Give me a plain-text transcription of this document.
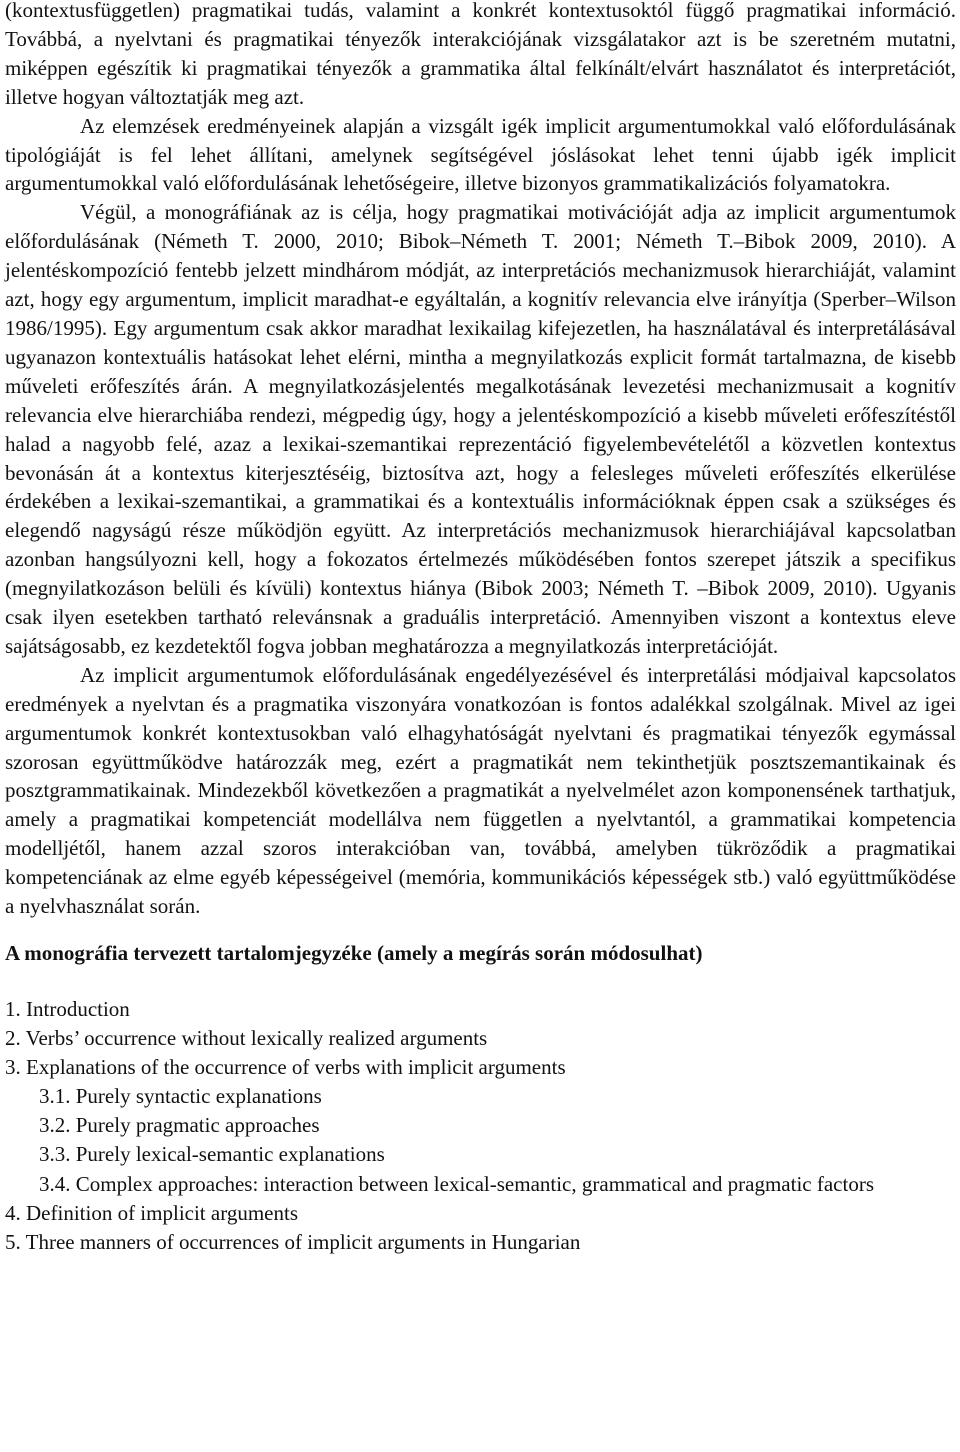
(kontextusfüggetlen) pragmatikai tudás, valamint a konkrét kontextusoktól függő pragmatikai információ. Továbbá, a nyelvtani és pragmatikai tényezők interakciójának vizsgálatakor azt is be szeretném mutatni, miképpen egészítik ki pragmatikai tényezők a grammatika által felkínált/elvárt használatot és interpretációt, illetve hogyan változtatják meg azt.

Az elemzések eredményeinek alapján a vizsgált igék implicit argumentumokkal való előfordulásának tipológiáját is fel lehet állítani, amelynek segítségével jóslásokat lehet tenni újabb igék implicit argumentumokkal való előfordulásának lehetőségeire, illetve bizonyos grammatikalizációs folyamatokra.

Végül, a monográfiának az is célja, hogy pragmatikai motivációját adja az implicit argumentumok előfordulásának (Németh T. 2000, 2010; Bibok–Németh T. 2001; Németh T.–Bibok 2009, 2010). A jelentéskompozíció fentebb jelzett mindhárom módját, az interpretációs mechanizmusok hierarchiáját, valamint azt, hogy egy argumentum, implicit maradhat-e egyáltalán, a kognitív relevancia elve irányítja (Sperber–Wilson 1986/1995). Egy argumentum csak akkor maradhat lexikailag kifejezetlen, ha használatával és interpretálásával ugyanazon kontextuális hatásokat lehet elérni, mintha a megnyilatkozás explicit formát tartalmazna, de kisebb műveleti erőfeszítés árán. A megnyilatkozásjelentés megalkotásának levezetési mechanizmusait a kognitív relevancia elve hierarchiába rendezi, mégpedig úgy, hogy a jelentéskompozíció a kisebb műveleti erőfeszítéstől halad a nagyobb felé, azaz a lexikai-szemantikai reprezentáció figyelembevételétől a közvetlen kontextus bevonásán át a kontextus kiterjesztéséig, biztosítva azt, hogy a felesleges műveleti erőfeszítés elkerülése érdekében a lexikai-szemantikai, a grammatikai és a kontextuális információknak éppen csak a szükséges és elegendő nagyságú része működjön együtt. Az interpretációs mechanizmusok hierarchiájával kapcsolatban azonban hangsúlyozni kell, hogy a fokozatos értelmezés működésében fontos szerepet játszik a specifikus (megnyilatkozáson belüli és kívüli) kontextus hiánya (Bibok 2003; Németh T. –Bibok 2009, 2010). Ugyanis csak ilyen esetekben tartható relevánsnak a graduális interpretáció. Amennyiben viszont a kontextus eleve sajátságosabb, ez kezdetektől fogva jobban meghatározza a megnyilatkozás interpretációját.

Az implicit argumentumok előfordulásának engedélyezésével és interpretálási módjaival kapcsolatos eredmények a nyelvtan és a pragmatika viszonyára vonatkozóan is fontos adalékkal szolgálnak. Mivel az igei argumentumok konkrét kontextusokban való elhagyhatóságát nyelvtani és pragmatikai tényezők egymással szorosan együttműködve határozzák meg, ezért a pragmatikát nem tekinthetjük posztszemantikainak és posztgrammatikainak. Mindezekből következően a pragmatikát a nyelvelmélet azon komponensének tarthatjuk, amely a pragmatikai kompetenciát modellálva nem független a nyelvtantól, a grammatikai kompetencia modelljétől, hanem azzal szoros interakcióban van, továbbá, amelyben tükröződik a pragmatikai kompetenciának az elme egyéb képességeivel (memória, kommunikációs képességek stb.) való együttműködése a nyelvhasználat során.

A monográfia tervezett tartalomjegyzéke (amely a megírás során módosulhat)

1. Introduction
2. Verbs’ occurrence without lexically realized arguments
3. Explanations of the occurrence of verbs with implicit arguments
3.1. Purely syntactic explanations
3.2. Purely pragmatic approaches
3.3. Purely lexical-semantic explanations
3.4. Complex approaches: interaction between lexical-semantic, grammatical and pragmatic factors
4. Definition of implicit arguments
5. Three manners of occurrences of implicit arguments in Hungarian
